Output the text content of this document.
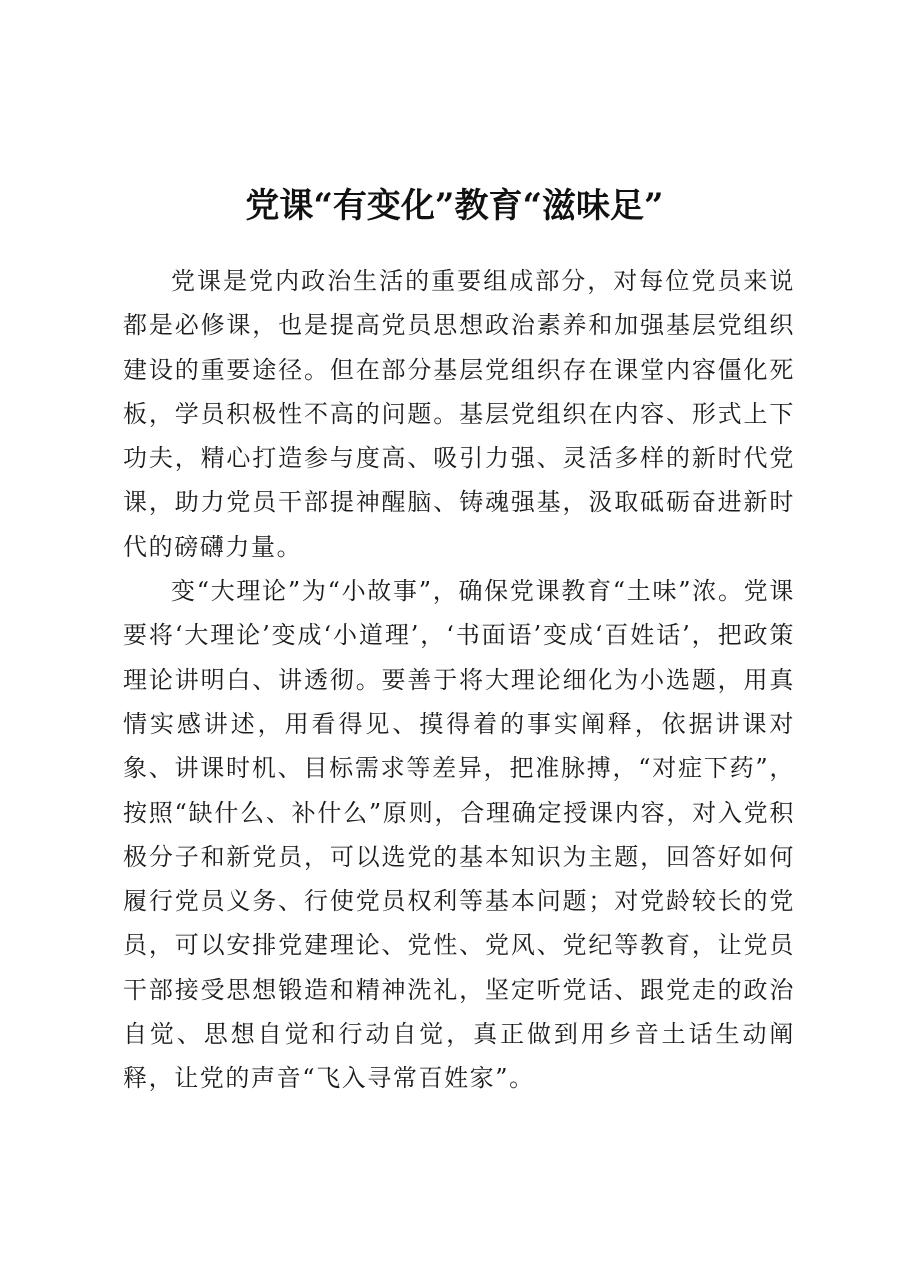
党课“有变化”教育“滋味足”

党课是党内政治生活的重要组成部分，对每位党员来说都是必修课，也是提高党员思想政治素养和加强基层党组织建设的重要途径。但在部分基层党组织存在课堂内容僵化死板，学员积极性不高的问题。基层党组织在内容、形式上下功夫，精心打造参与度高、吸引力强、灵活多样的新时代党课，助力党员干部提神醒脑、铸魂强基，汲取砥砺奋进新时代的磅礴力量。

变“大理论”为“小故事”，确保党课教育“土味”浓。党课要将‘大理论’变成‘小道理’，‘书面语’变成‘百姓话’，把政策理论讲明白、讲透彻。要善于将大理论细化为小选题，用真情实感讲述，用看得见、摸得着的事实阐释，依据讲课对象、讲课时机、目标需求等差异，把准脉搏，“对症下药”，按照“缺什么、补什么”原则，合理确定授课内容，对入党积极分子和新党员，可以选党的基本知识为主题，回答好如何履行党员义务、行使党员权利等基本问题；对党龄较长的党员，可以安排党建理论、党性、党风、党纪等教育，让党员干部接受思想锻造和精神洗礼，坚定听党话、跟党走的政治自觉、思想自觉和行动自觉，真正做到用乡音土话生动阐释，让党的声音“飞入寻常百姓家”。
